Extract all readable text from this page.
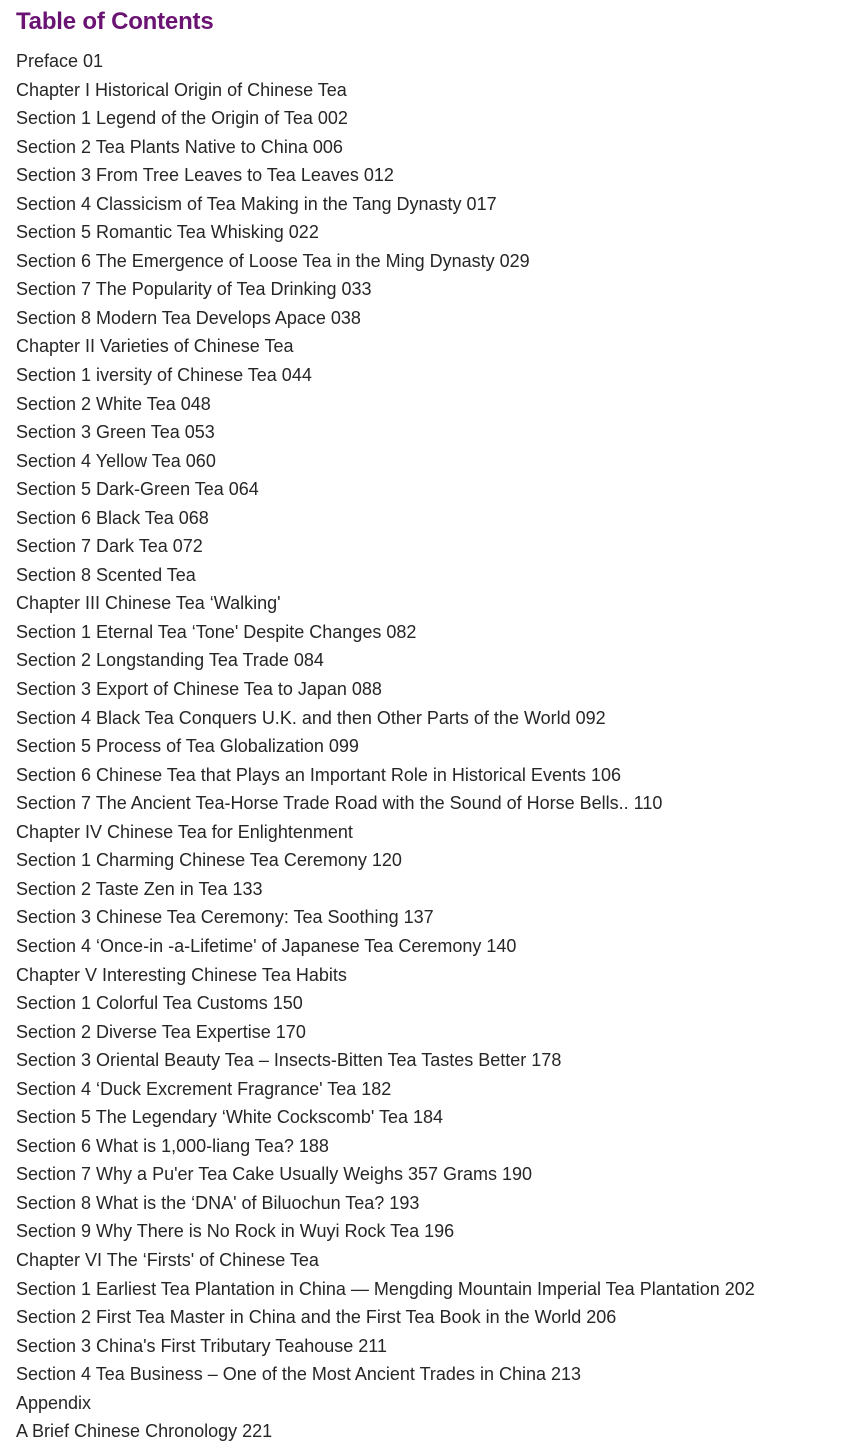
Table of Contents
Preface 01
Chapter I Historical Origin of Chinese Tea
Section 1 Legend of the Origin of Tea 002
Section 2 Tea Plants Native to China 006
Section 3 From Tree Leaves to Tea Leaves 012
Section 4 Classicism of Tea Making in the Tang Dynasty 017
Section 5 Romantic Tea Whisking 022
Section 6 The Emergence of Loose Tea in the Ming Dynasty 029
Section 7 The Popularity of Tea Drinking 033
Section 8 Modern Tea Develops Apace 038
Chapter II Varieties of Chinese Tea
Section 1 iversity of Chinese Tea 044
Section 2 White Tea 048
Section 3 Green Tea 053
Section 4 Yellow Tea 060
Section 5 Dark-Green Tea 064
Section 6 Black Tea 068
Section 7 Dark Tea 072
Section 8 Scented Tea
Chapter III Chinese Tea ‘Walking'
Section 1 Eternal Tea ‘Tone' Despite Changes 082
Section 2 Longstanding Tea Trade 084
Section 3 Export of Chinese Tea to Japan 088
Section 4 Black Tea Conquers U.K. and then Other Parts of the World 092
Section 5 Process of Tea Globalization 099
Section 6 Chinese Tea that Plays an Important Role in Historical Events 106
Section 7 The Ancient Tea-Horse Trade Road with the Sound of Horse Bells.. 110
Chapter IV Chinese Tea for Enlightenment
Section 1 Charming Chinese Tea Ceremony 120
Section 2 Taste Zen in Tea 133
Section 3 Chinese Tea Ceremony: Tea Soothing 137
Section 4 ‘Once-in -a-Lifetime' of Japanese Tea Ceremony 140
Chapter V Interesting Chinese Tea Habits
Section 1 Colorful Tea Customs 150
Section 2 Diverse Tea Expertise 170
Section 3 Oriental Beauty Tea – Insects-Bitten Tea Tastes Better 178
Section 4 ‘Duck Excrement Fragrance' Tea 182
Section 5 The Legendary ‘White Cockscomb' Tea 184
Section 6 What is 1,000-liang Tea? 188
Section 7 Why a Pu'er Tea Cake Usually Weighs 357 Grams 190
Section 8 What is the ‘DNA' of Biluochun Tea? 193
Section 9 Why There is No Rock in Wuyi Rock Tea 196
Chapter VI The ‘Firsts' of Chinese Tea
Section 1 Earliest Tea Plantation in China — Mengding Mountain Imperial Tea Plantation 202
Section 2 First Tea Master in China and the First Tea Book in the World 206
Section 3 China's First Tributary Teahouse 211
Section 4 Tea Business – One of the Most Ancient Trades in China 213
Appendix
A Brief Chinese Chronology 221
